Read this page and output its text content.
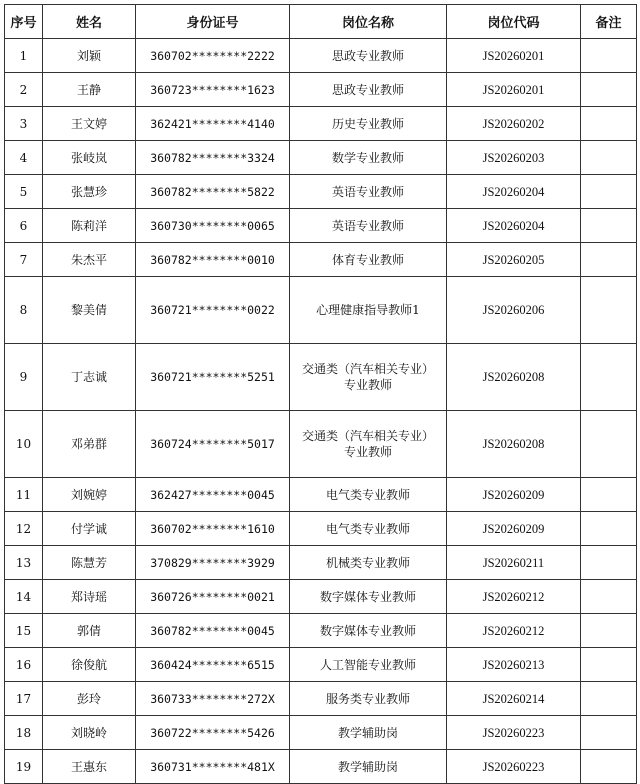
序号	姓名	身份证号	岗位名称	岗位代码	备注
1	刘颖	360702********2222	思政专业教师	JS20260201	
2	王静	360723********1623	思政专业教师	JS20260201	
3	王文婷	362421********4140	历史专业教师	JS20260202	
4	张岐岚	360782********3324	数学专业教师	JS20260203	
5	张慧珍	360782********5822	英语专业教师	JS20260204	
6	陈莉洋	360730********0065	英语专业教师	JS20260204	
7	朱杰平	360782********0010	体育专业教师	JS20260205	
8	黎美倩	360721********0022	心理健康指导教师1	JS20260206	
9	丁志诚	360721********5251	交通类（汽车相关专业）
专业教师	JS20260208	
10	邓弟群	360724********5017	交通类（汽车相关专业）
专业教师	JS20260208	
11	刘婉婷	362427********0045	电气类专业教师	JS20260209	
12	付学诚	360702********1610	电气类专业教师	JS20260209	
13	陈慧芳	370829********3929	机械类专业教师	JS20260211	
14	郑诗瑶	360726********0021	数字媒体专业教师	JS20260212	
15	郭倩	360782********0045	数字媒体专业教师	JS20260212	
16	徐俊航	360424********6515	人工智能专业教师	JS20260213	
17	彭玲	360733********272X	服务类专业教师	JS20260214	
18	刘晓岭	360722********5426	教学辅助岗	JS20260223	
19	王惠东	360731********481X	教学辅助岗	JS20260223	
